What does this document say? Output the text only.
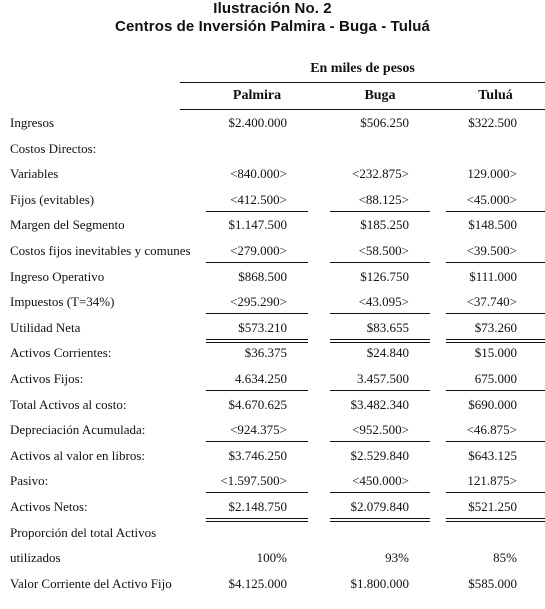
Ilustración No. 2
Centros de Inversión Palmira - Buga - Tuluá
En miles de pesos
Palmira	Buga	Tuluá
Ingresos	$2.400.000	$506.250	$322.500
Costos Directos:
Variables	<840.000>	<232.875>	129.000>
Fijos (evitables)	<412.500>	<88.125>	<45.000>
Margen del Segmento	$1.147.500	$185.250	$148.500
Costos fijos inevitables y comunes	<279.000>	<58.500>	<39.500>
Ingreso Operativo	$868.500	$126.750	$111.000
Impuestos (T=34%)	<295.290>	<43.095>	<37.740>
Utilidad Neta	$573.210	$83.655	$73.260
Activos Corrientes:	$36.375	$24.840	$15.000
Activos Fijos:	4.634.250	3.457.500	675.000
Total Activos al costo:	$4.670.625	$3.482.340	$690.000
Depreciación Acumulada:	<924.375>	<952.500>	<46.875>
Activos al valor en libros:	$3.746.250	$2.529.840	$643.125
Pasivo:	<1.597.500>	<450.000>	121.875>
Activos Netos:	$2.148.750	$2.079.840	$521.250
Proporción del total Activos
utilizados	100%	93%	85%
Valor Corriente del Activo Fijo	$4.125.000	$1.800.000	$585.000
